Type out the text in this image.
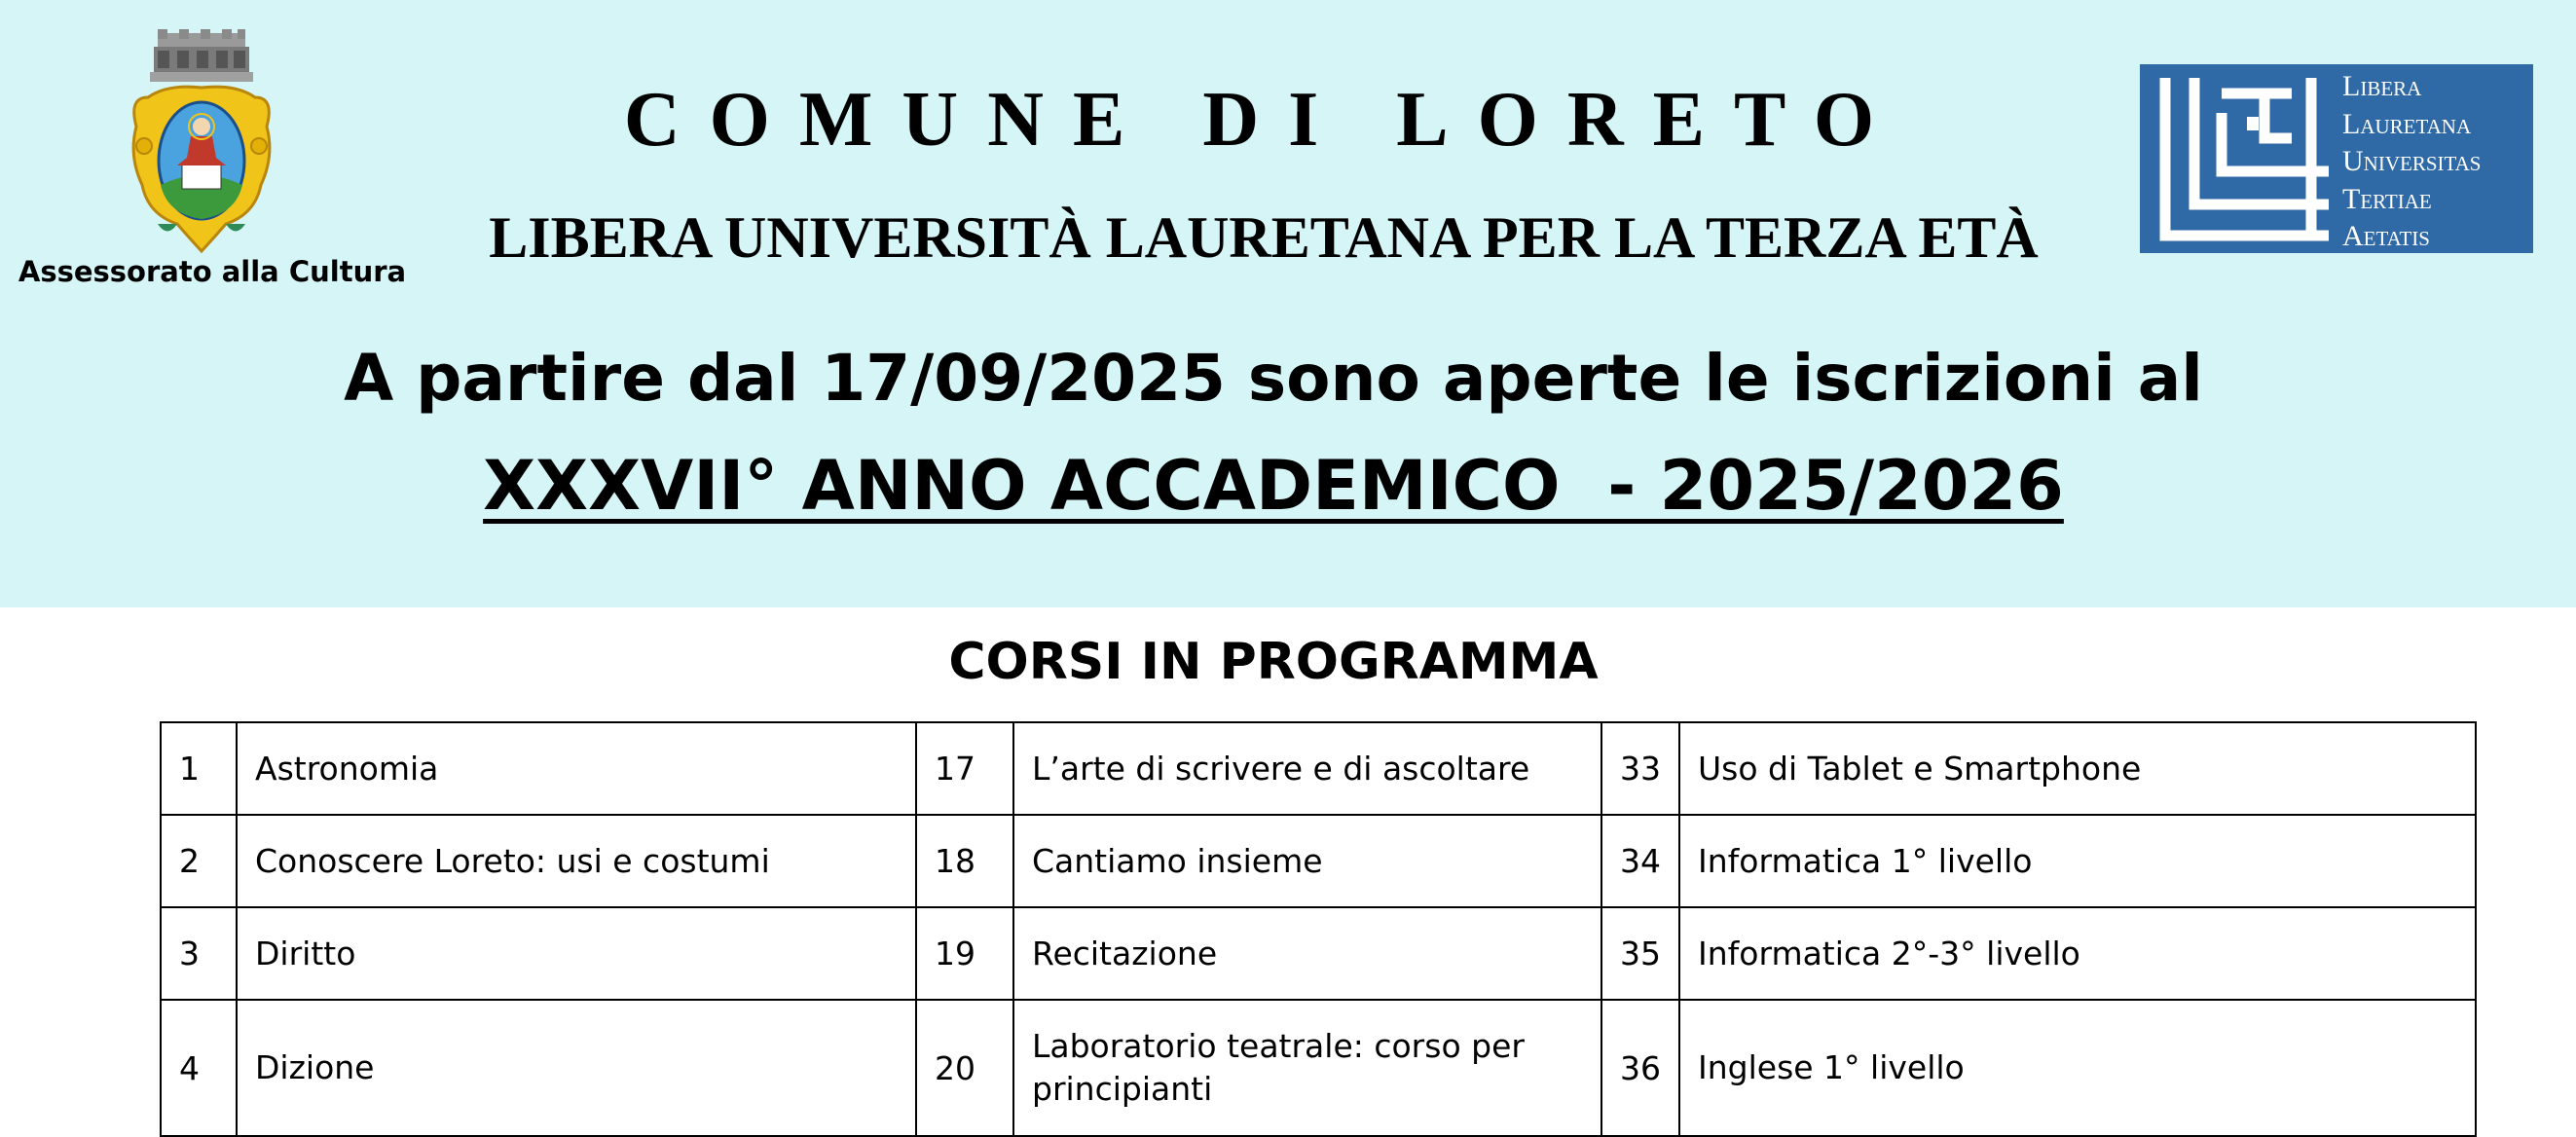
Assessorato alla Cultura
COMUNE DI LORETO
LIBERA UNIVERSITÀ LAURETANA PER LA TERZA ETÀ
Libera
Lauretana
Universitas
Tertiae
Aetatis
A partire dal 17/09/2025 sono aperte le iscrizioni al
XXXVII° ANNO ACCADEMICO  - 2025/2026
CORSI IN PROGRAMMA
1	Astronomia	17	L’arte di scrivere e di ascoltare	33	Uso di Tablet e Smartphone
2	Conoscere Loreto: usi e costumi	18	Cantiamo insieme	34	Informatica 1° livello
3	Diritto	19	Recitazione	35	Informatica 2°-3° livello
4	Dizione	20	Laboratorio teatrale: corso per principianti	36	Inglese 1° livello
